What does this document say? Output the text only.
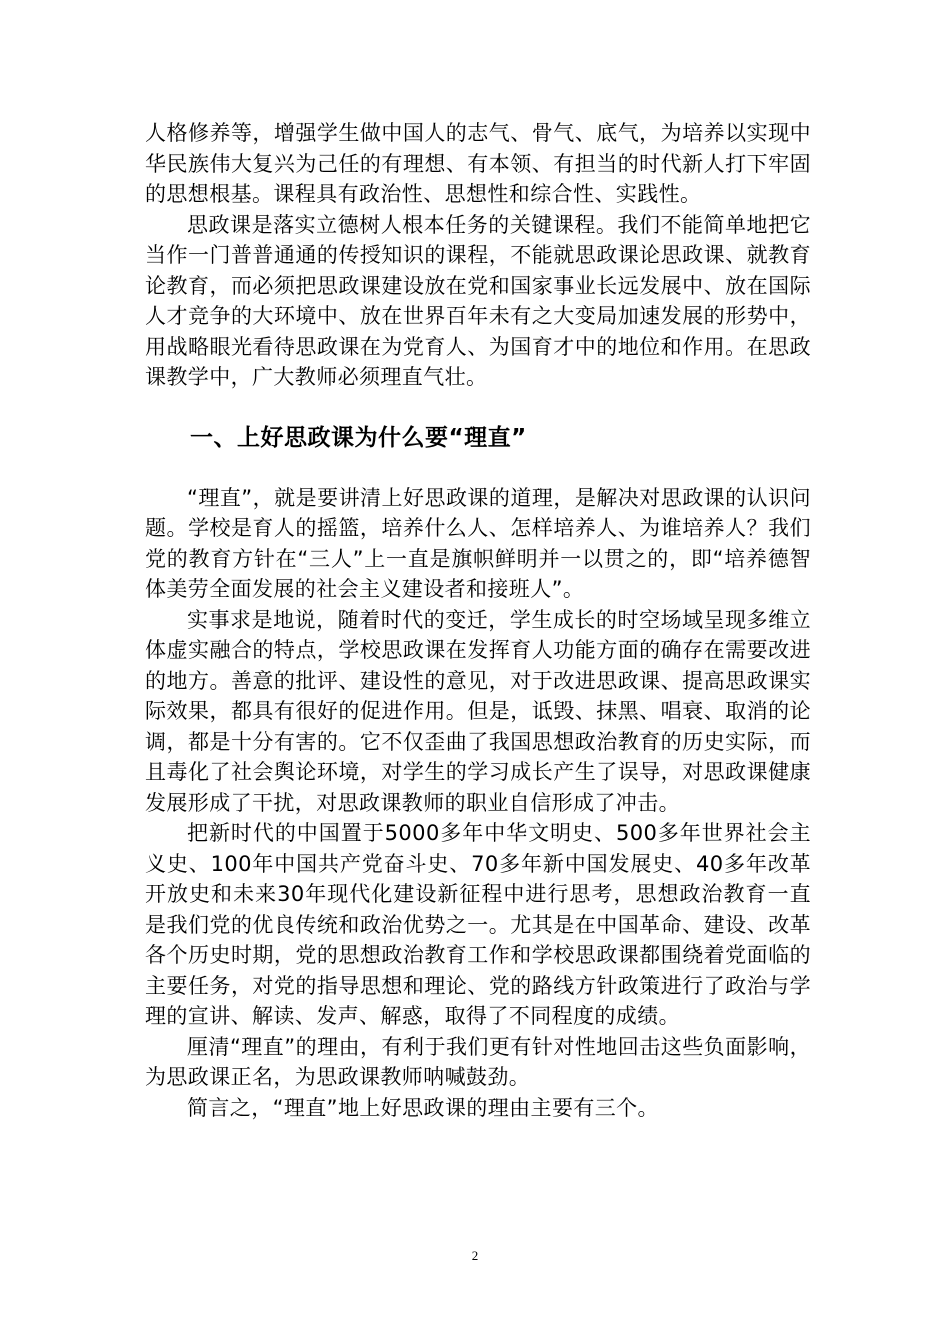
人格修养等，增强学生做中国人的志气、骨气、底气，为培养以实现中华民族伟大复兴为己任的有理想、有本领、有担当的时代新人打下牢固的思想根基。课程具有政治性、思想性和综合性、实践性。

思政课是落实立德树人根本任务的关键课程。我们不能简单地把它当作一门普普通通的传授知识的课程，不能就思政课论思政课、就教育论教育，而必须把思政课建设放在党和国家事业长远发展中、放在国际人才竞争的大环境中、放在世界百年未有之大变局加速发展的形势中，用战略眼光看待思政课在为党育人、为国育才中的地位和作用。在思政课教学中，广大教师必须理直气壮。

一、上好思政课为什么要“理直”

“理直”，就是要讲清上好思政课的道理，是解决对思政课的认识问题。学校是育人的摇篮，培养什么人、怎样培养人、为谁培养人？我们党的教育方针在“三人”上一直是旗帜鲜明并一以贯之的，即“培养德智体美劳全面发展的社会主义建设者和接班人”。

实事求是地说，随着时代的变迁，学生成长的时空场域呈现多维立体虚实融合的特点，学校思政课在发挥育人功能方面的确存在需要改进的地方。善意的批评、建设性的意见，对于改进思政课、提高思政课实际效果，都具有很好的促进作用。但是，诋毁、抹黑、唱衰、取消的论调，都是十分有害的。它不仅歪曲了我国思想政治教育的历史实际，而且毒化了社会舆论环境，对学生的学习成长产生了误导，对思政课健康发展形成了干扰，对思政课教师的职业自信形成了冲击。

把新时代的中国置于5000多年中华文明史、500多年世界社会主义史、100年中国共产党奋斗史、70多年新中国发展史、40多年改革开放史和未来30年现代化建设新征程中进行思考，思想政治教育一直是我们党的优良传统和政治优势之一。尤其是在中国革命、建设、改革各个历史时期，党的思想政治教育工作和学校思政课都围绕着党面临的主要任务，对党的指导思想和理论、党的路线方针政策进行了政治与学理的宣讲、解读、发声、解惑，取得了不同程度的成绩。

厘清“理直”的理由，有利于我们更有针对性地回击这些负面影响，为思政课正名，为思政课教师呐喊鼓劲。

简言之，“理直”地上好思政课的理由主要有三个。

2
